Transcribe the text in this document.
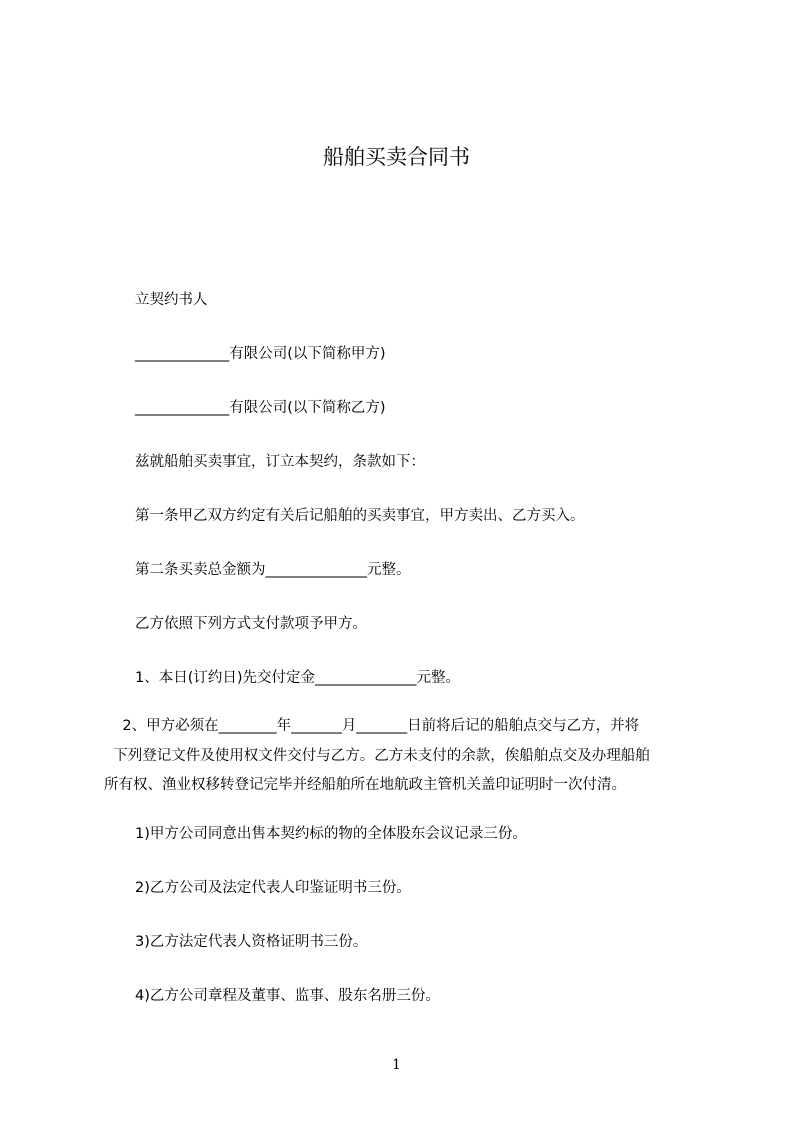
船舶买卖合同书

立契约书人

_____________有限公司(以下简称甲方)

_____________有限公司(以下简称乙方)

兹就船舶买卖事宜，订立本契约，条款如下：

第一条甲乙双方约定有关后记船舶的买卖事宜，甲方卖出、乙方买入。

第二条买卖总金额为______________元整。

乙方依照下列方式支付款项予甲方。

1、本日(订约日)先交付定金______________元整。

2、甲方必须在________年_______月_______日前将后记的船舶点交与乙方，并将
下列登记文件及使用权文件交付与乙方。乙方未支付的余款，俟船舶点交及办理船舶
所有权、渔业权移转登记完毕并经船舶所在地航政主管机关盖印证明时一次付清。

1)甲方公司同意出售本契约标的物的全体股东会议记录三份。

2)乙方公司及法定代表人印鉴证明书三份。

3)乙方法定代表人资格证明书三份。

4)乙方公司章程及董事、监事、股东名册三份。

1
